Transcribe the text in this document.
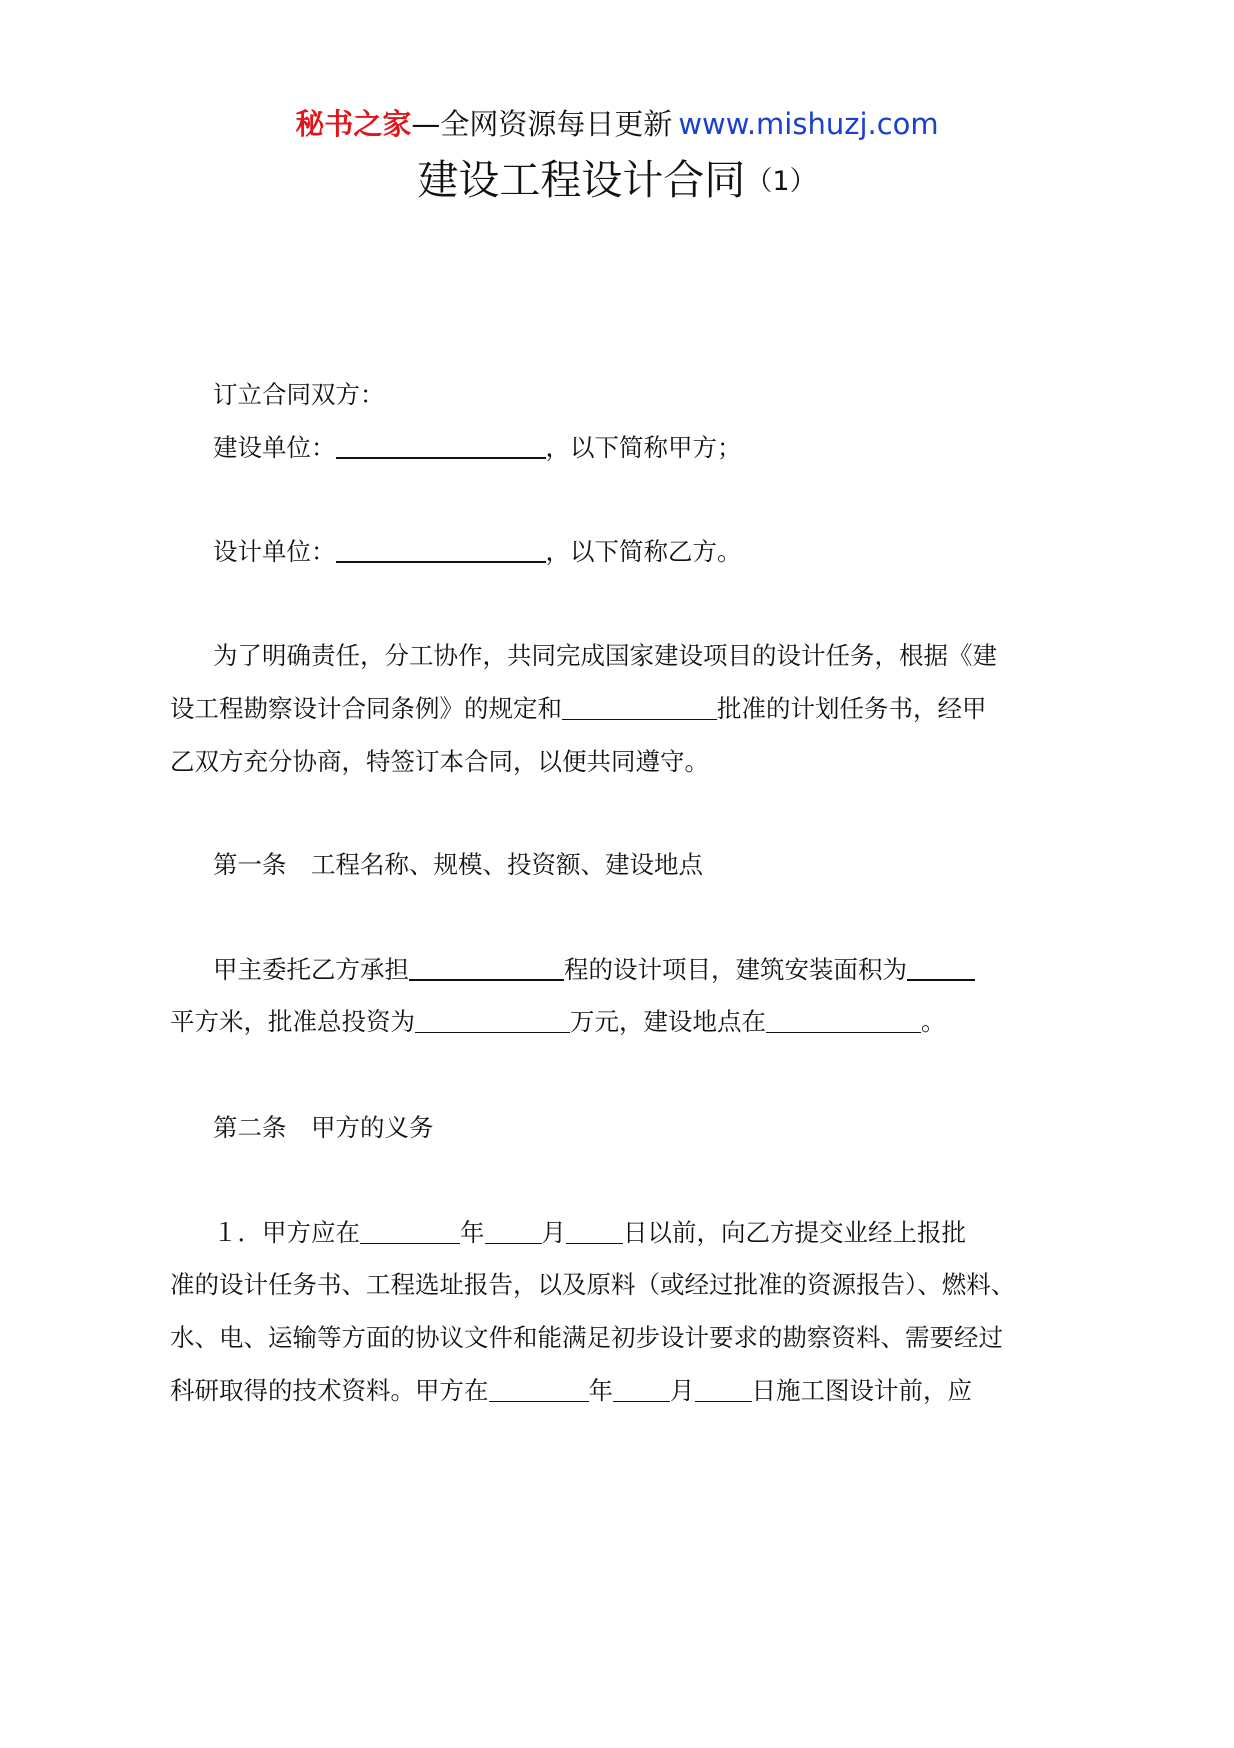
秘书之家—全网资源每日更新 www.mishuzj.com
建设工程设计合同（1）
订立合同双方：
建设单位：	，以下简称甲方；
设计单位：	，以下简称乙方。
为了明确责任，分工协作，共同完成国家建设项目的设计任务，根据《建
设工程勘察设计合同条例》的规定和	批准的计划任务书，经甲
乙双方充分协商，特签订本合同，以便共同遵守。
第一条　工程名称、规模、投资额、建设地点
甲主委托乙方承担	程的设计项目，建筑安装面积为
平方米，批准总投资为	万元，建设地点在	。
第二条　甲方的义务
１．甲方应在	年 月 日以前，向乙方提交业经上报批
准的设计任务书、工程选址报告，以及原料（或经过批准的资源报告）、燃料、
水、电、运输等方面的协议文件和能满足初步设计要求的勘察资料、需要经过
科研取得的技术资料。甲方在	年 月 日施工图设计前，应
